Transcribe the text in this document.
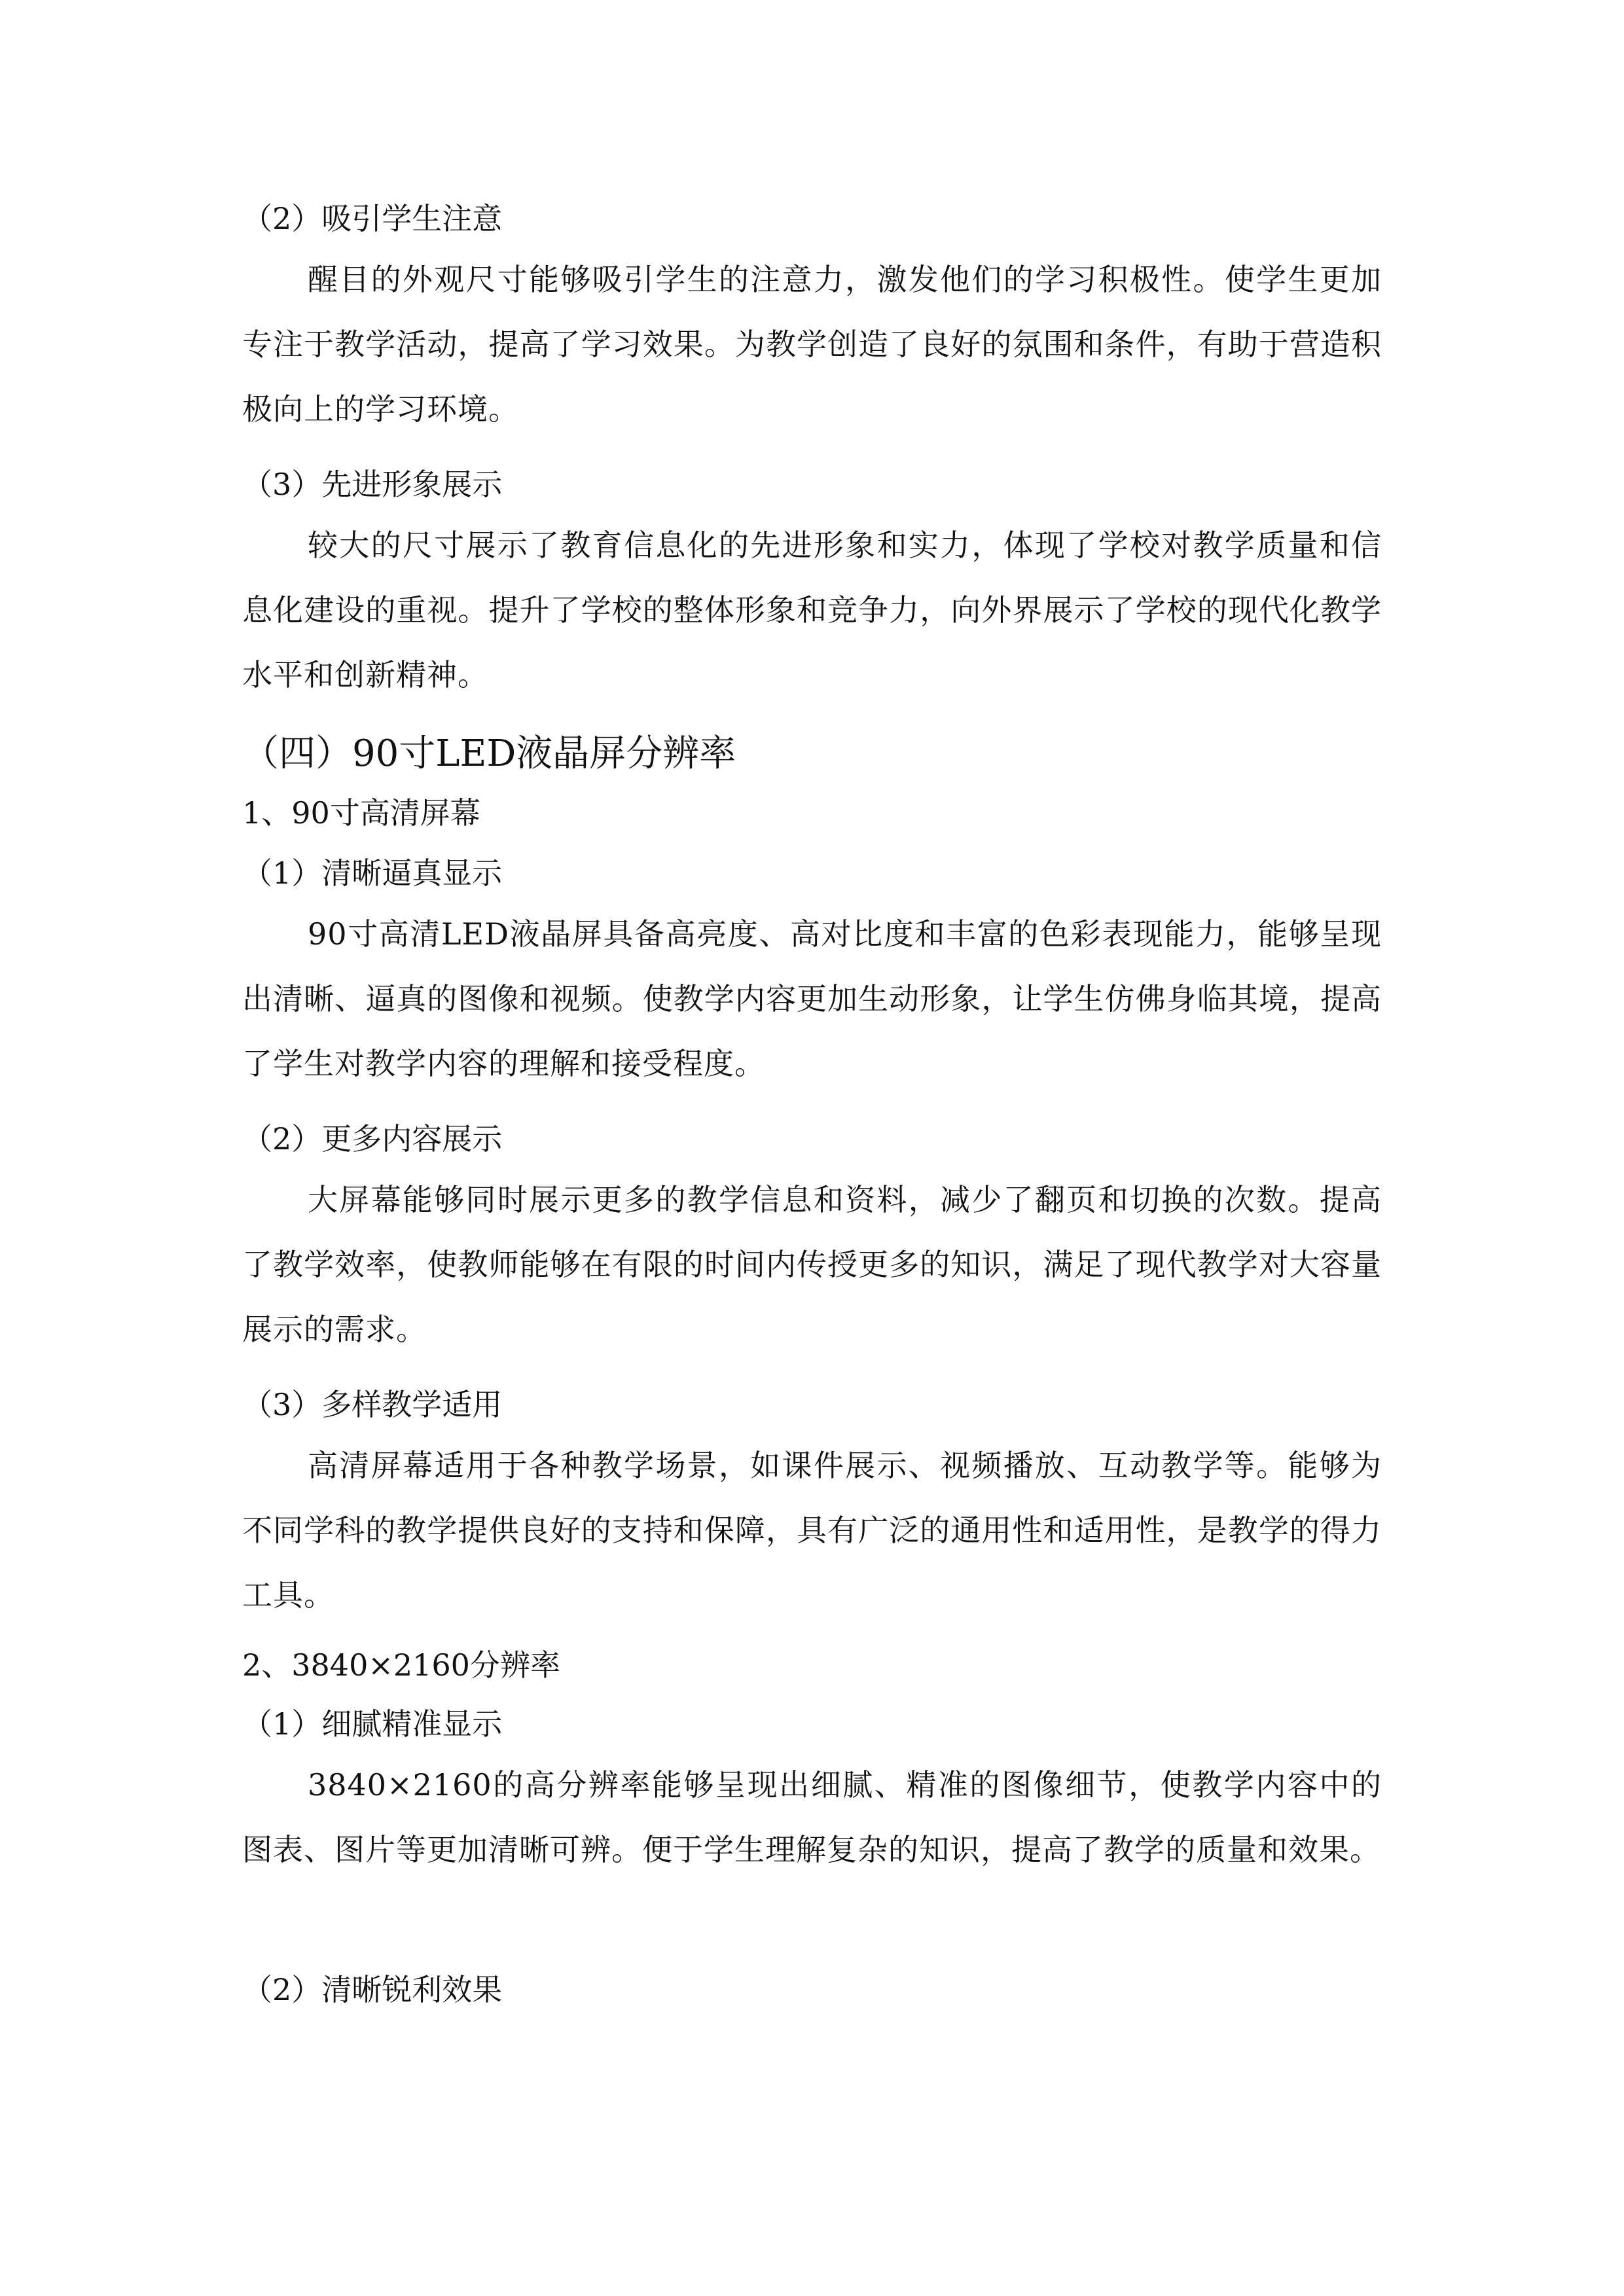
（2）吸引学生注意

醒目的外观尺寸能够吸引学生的注意力，激发他们的学习积极性。使学生更加专注于教学活动，提高了学习效果。为教学创造了良好的氛围和条件，有助于营造积极向上的学习环境。

（3）先进形象展示

较大的尺寸展示了教育信息化的先进形象和实力，体现了学校对教学质量和信息化建设的重视。提升了学校的整体形象和竞争力，向外界展示了学校的现代化教学水平和创新精神。

（四）90寸LED液晶屏分辨率

1、90寸高清屏幕

（1）清晰逼真显示

90寸高清LED液晶屏具备高亮度、高对比度和丰富的色彩表现能力，能够呈现出清晰、逼真的图像和视频。使教学内容更加生动形象，让学生仿佛身临其境，提高了学生对教学内容的理解和接受程度。

（2）更多内容展示

大屏幕能够同时展示更多的教学信息和资料，减少了翻页和切换的次数。提高了教学效率，使教师能够在有限的时间内传授更多的知识，满足了现代教学对大容量展示的需求。

（3）多样教学适用

高清屏幕适用于各种教学场景，如课件展示、视频播放、互动教学等。能够为不同学科的教学提供良好的支持和保障，具有广泛的通用性和适用性，是教学的得力工具。

2、3840×2160分辨率

（1）细腻精准显示

3840×2160的高分辨率能够呈现出细腻、精准的图像细节，使教学内容中的图表、图片等更加清晰可辨。便于学生理解复杂的知识，提高了教学的质量和效果。

（2）清晰锐利效果
